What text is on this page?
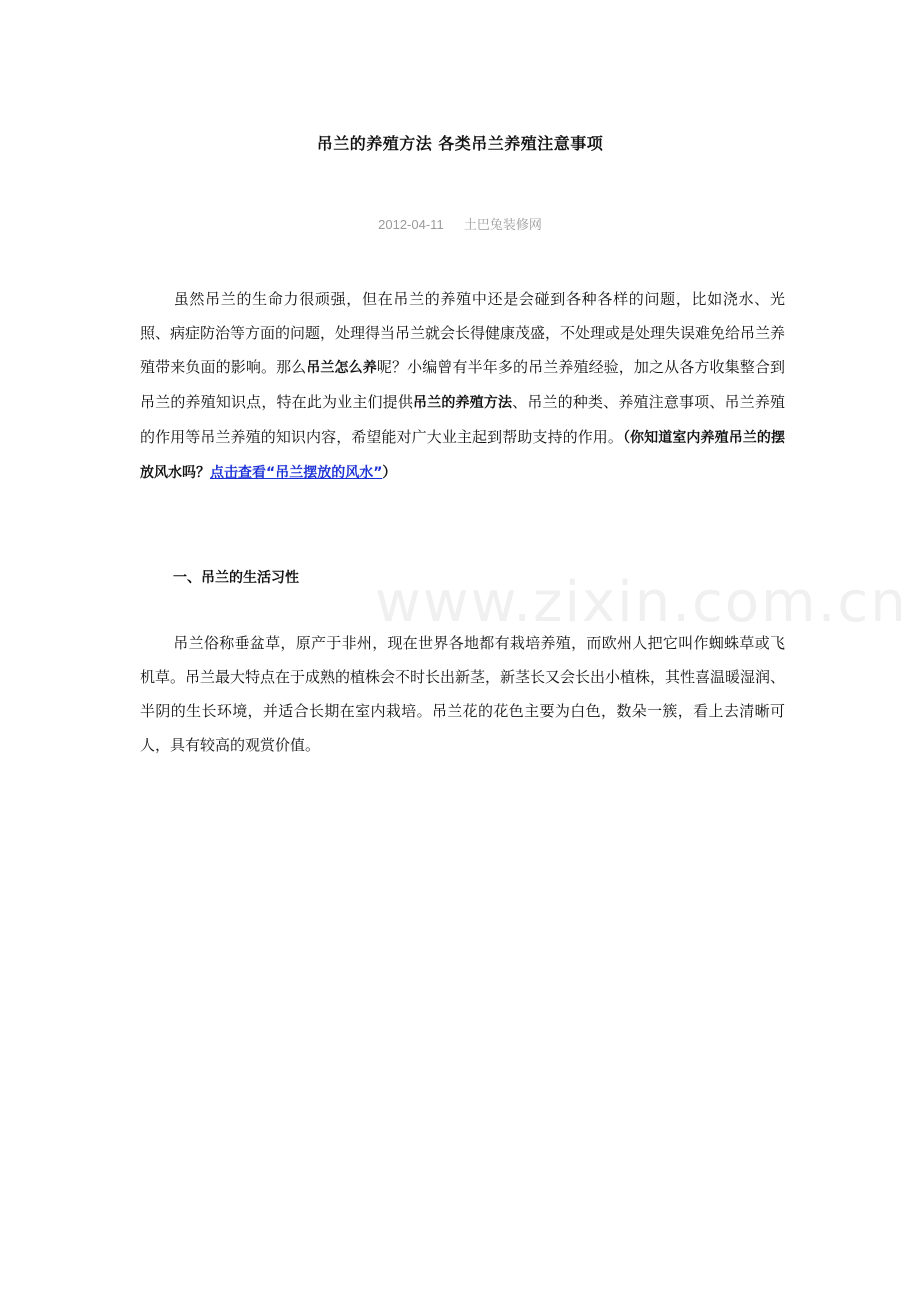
吊兰的养殖方法 各类吊兰养殖注意事项
2012-04-11 土巴兔装修网

虽然吊兰的生命力很顽强，但在吊兰的养殖中还是会碰到各种各样的问题，比如浇水、光照、病症防治等方面的问题，处理得当吊兰就会长得健康茂盛，不处理或是处理失误难免给吊兰养殖带来负面的影响。那么吊兰怎么养呢？小编曾有半年多的吊兰养殖经验，加之从各方收集整合到吊兰的养殖知识点，特在此为业主们提供吊兰的养殖方法、吊兰的种类、养殖注意事项、吊兰养殖的作用等吊兰养殖的知识内容，希望能对广大业主起到帮助支持的作用。（你知道室内养殖吊兰的摆放风水吗？点击查看“吊兰摆放的风水”）

一、吊兰的生活习性 www.zixin.com.cn

吊兰俗称垂盆草，原产于非州，现在世界各地都有栽培养殖，而欧州人把它叫作蜘蛛草或飞机草。吊兰最大特点在于成熟的植株会不时长出新茎，新茎长又会长出小植株，其性喜温暖湿润、半阴的生长环境，并适合长期在室内栽培。吊兰花的花色主要为白色，数朵一簇，看上去清晰可人，具有较高的观赏价值。
